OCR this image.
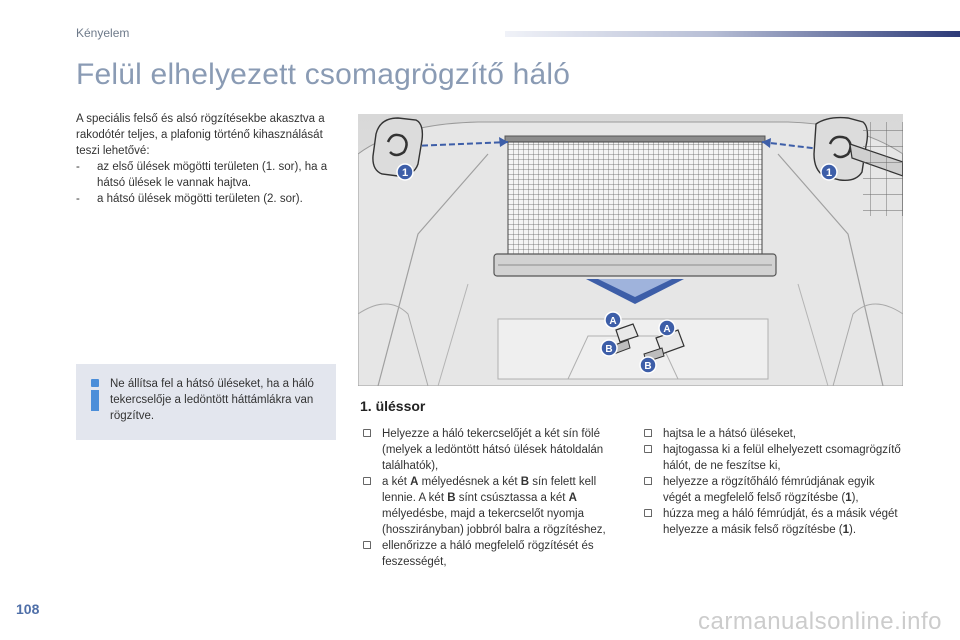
Kényelem
Felül elhelyezett csomagrögzítő háló

A speciális felső és alsó rögzítésekbe akasztva a rakodótér teljes, a plafonig történő kihasználását teszi lehetővé:

- az első ülések mögötti területen (1. sor), ha a hátsó ülések le vannak hajtva.
- a hátsó ülések mögötti területen (2. sor).
Ne állítsa fel a hátsó üléseket, ha a háló tekercselője a ledöntött háttámlákra van rögzítve.
1	1
A
A
B
B
1. üléssor
Helyezze a háló tekercselőjét a két sín fölé (melyek a ledöntött hátsó ülések hátoldalán találhatók),
a két A mélyedésnek a két B sín felett kell lennie. A két B sínt csúsztassa a két A mélyedésbe, majd a tekercselőt nyomja (hosszirányban) jobbról balra a rögzítéshez,
ellenőrizze a háló megfelelő rögzítését és feszességét,
hajtsa le a hátsó üléseket,
hajtogassa ki a felül elhelyezett csomagrögzítő hálót, de ne feszítse ki,
helyezze a rögzítőháló fémrúdjának egyik végét a megfelelő felső rögzítésbe (1),
húzza meg a háló fémrúdját, és a másik végét helyezze a másik felső rögzítésbe (1).
108	carmanualsonline.info
